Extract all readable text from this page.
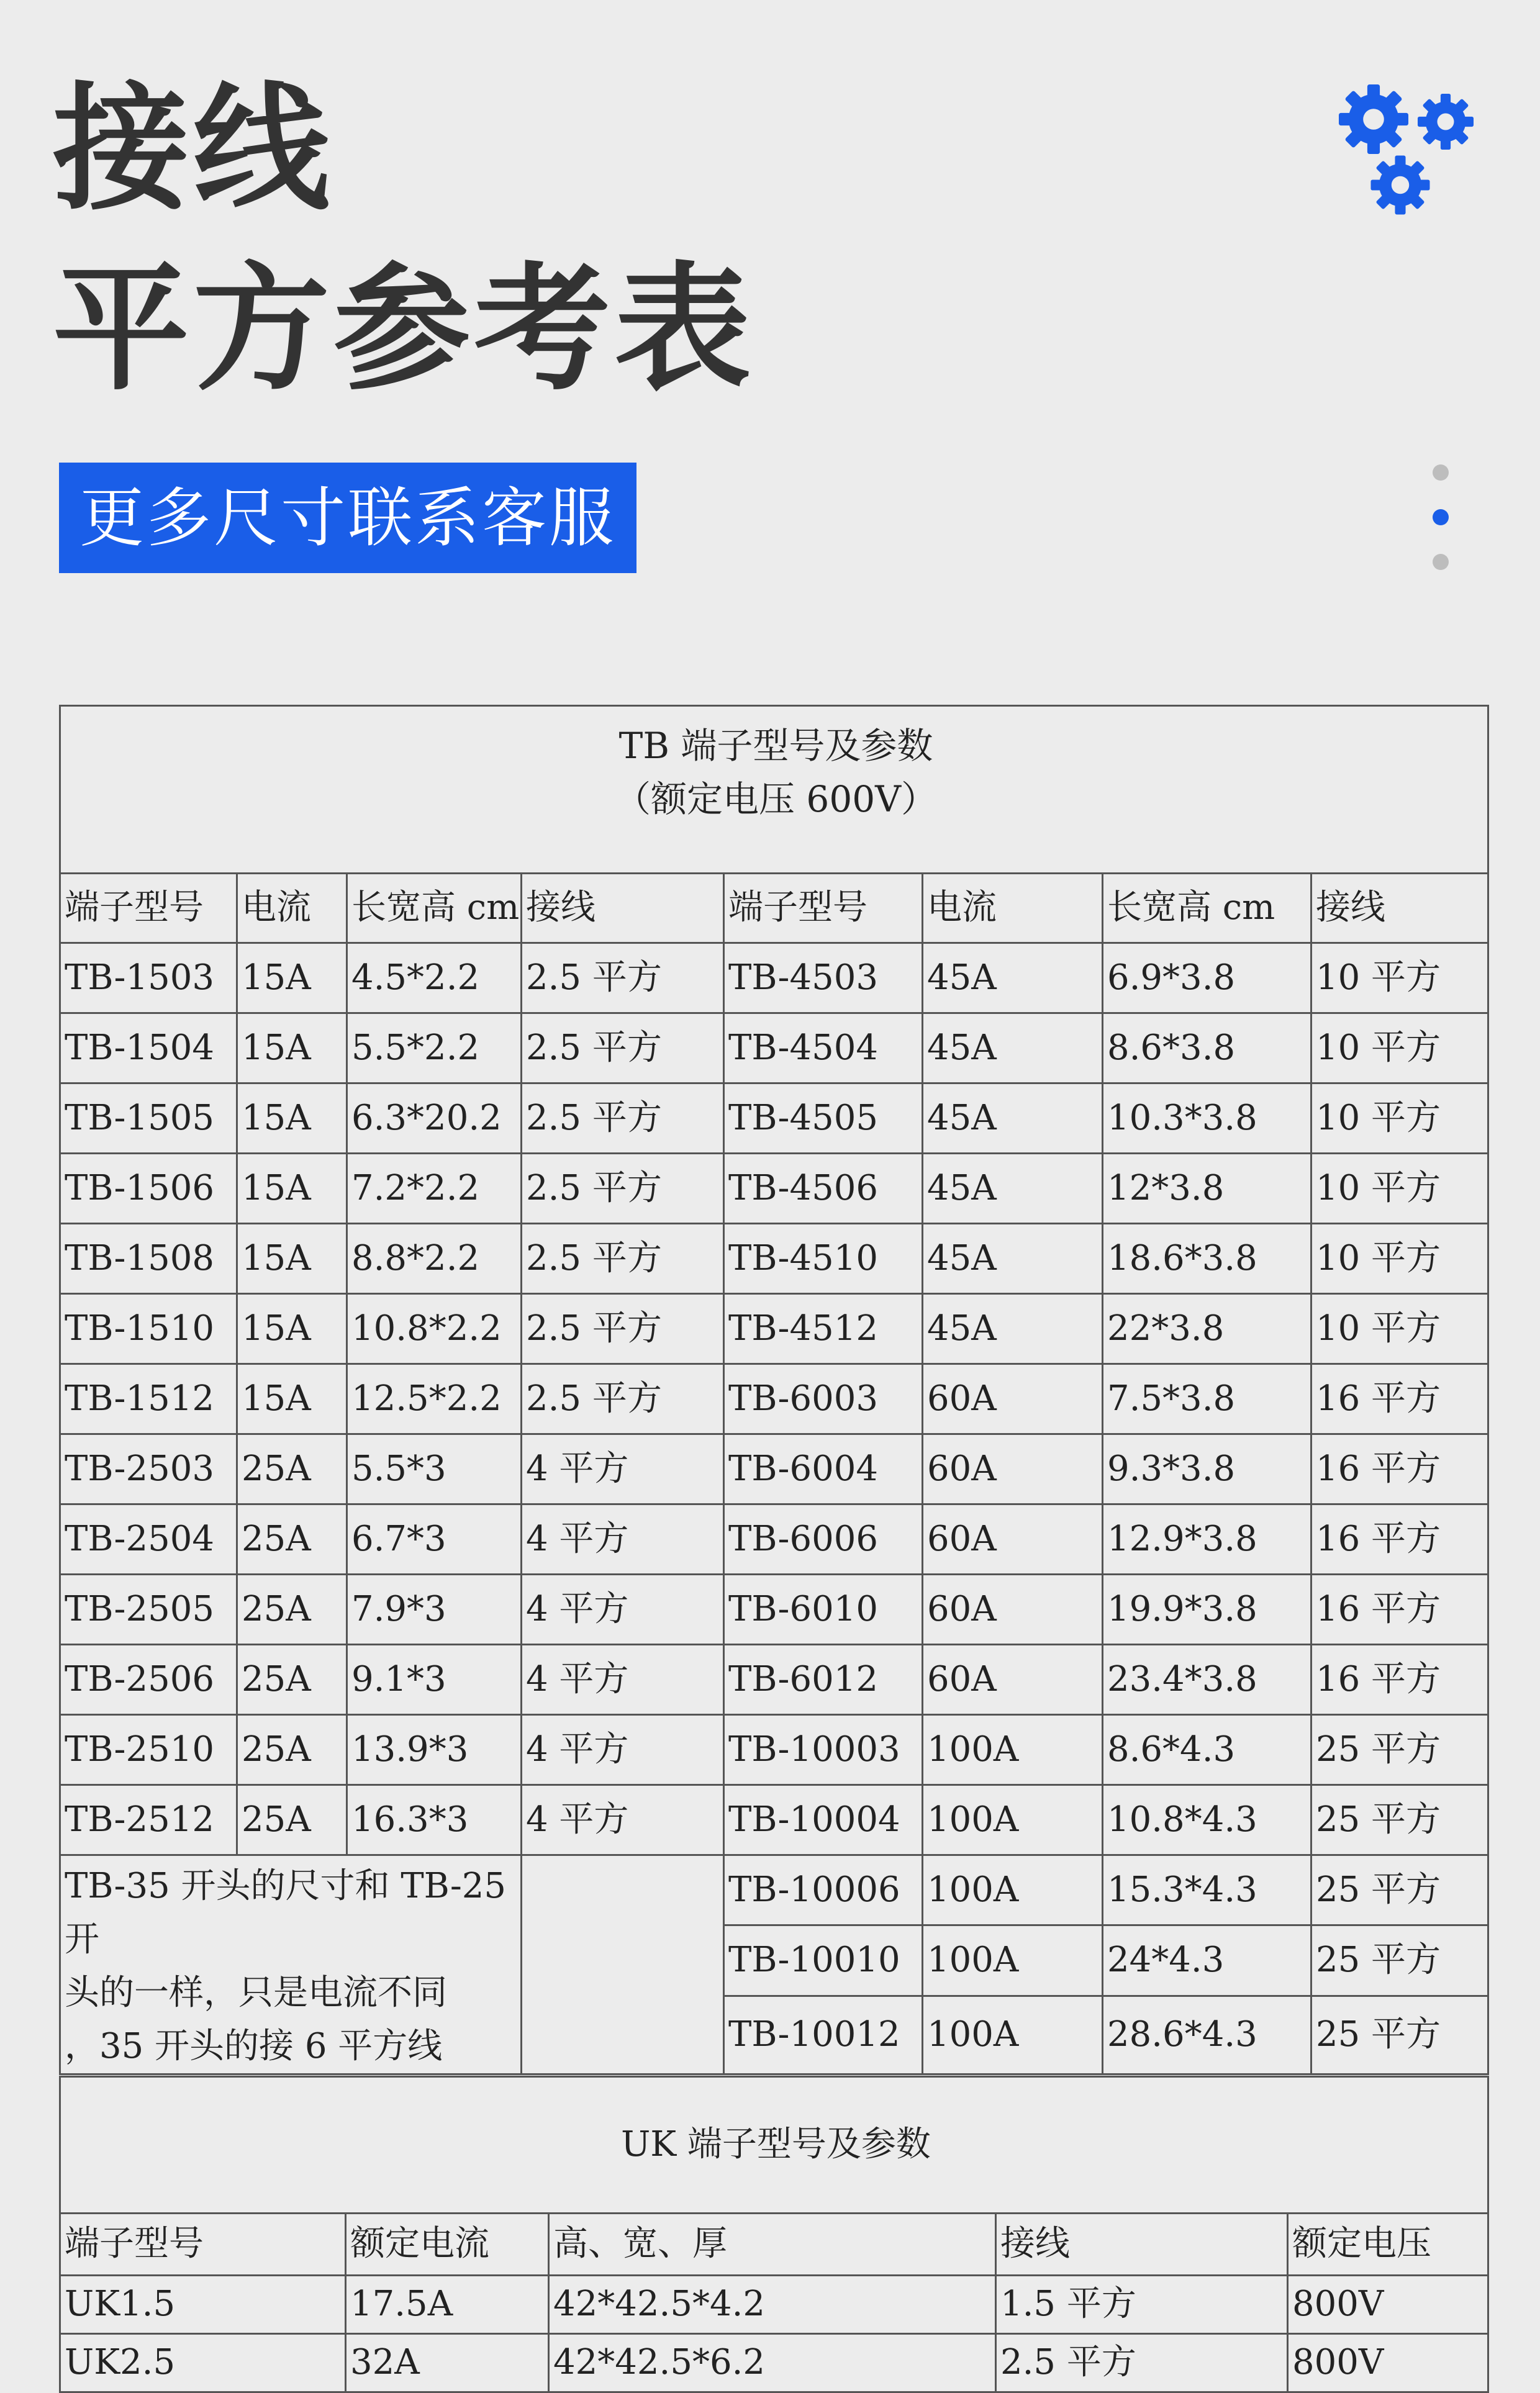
接线
平方参考表
更多尺寸联系客服
TB 端子型号及参数
（额定电压 600V）							

端子型号	电流	长宽高 cm	接线	端子型号	电流	长宽高 cm	接线
TB-1503	15A	4.5*2.2	2.5 平方	TB-4503	45A	6.9*3.8	10 平方
TB-1504	15A	5.5*2.2	2.5 平方	TB-4504	45A	8.6*3.8	10 平方
TB-1505	15A	6.3*20.2	2.5 平方	TB-4505	45A	10.3*3.8	10 平方
TB-1506	15A	7.2*2.2	2.5 平方	TB-4506	45A	12*3.8	10 平方
TB-1508	15A	8.8*2.2	2.5 平方	TB-4510	45A	18.6*3.8	10 平方
TB-1510	15A	10.8*2.2	2.5 平方	TB-4512	45A	22*3.8	10 平方
TB-1512	15A	12.5*2.2	2.5 平方	TB-6003	60A	7.5*3.8	16 平方
TB-2503	25A	5.5*3	4 平方	TB-6004	60A	9.3*3.8	16 平方
TB-2504	25A	6.7*3	4 平方	TB-6006	60A	12.9*3.8	16 平方
TB-2505	25A	7.9*3	4 平方	TB-6010	60A	19.9*3.8	16 平方
TB-2506	25A	9.1*3	4 平方	TB-6012	60A	23.4*3.8	16 平方
TB-2510	25A	13.9*3	4 平方	TB-10003	100A	8.6*4.3	25 平方
TB-2512	25A	16.3*3	4 平方	TB-10004	100A	10.8*4.3	25 平方
TB-35 开头的尺寸和 TB-25 开
头的一样，只是电流不同
，35 开头的接 6 平方线				TB-10006	100A	15.3*4.3	25 平方
				TB-10010	100A	24*4.3	25 平方
				TB-10012	100A	28.6*4.3	25 平方
UK 端子型号及参数				
端子型号	额定电流	高、宽、厚	接线	额定电压
UK1.5	17.5A	42*42.5*4.2	1.5 平方	800V
UK2.5	32A	42*42.5*6.2	2.5 平方	800V
